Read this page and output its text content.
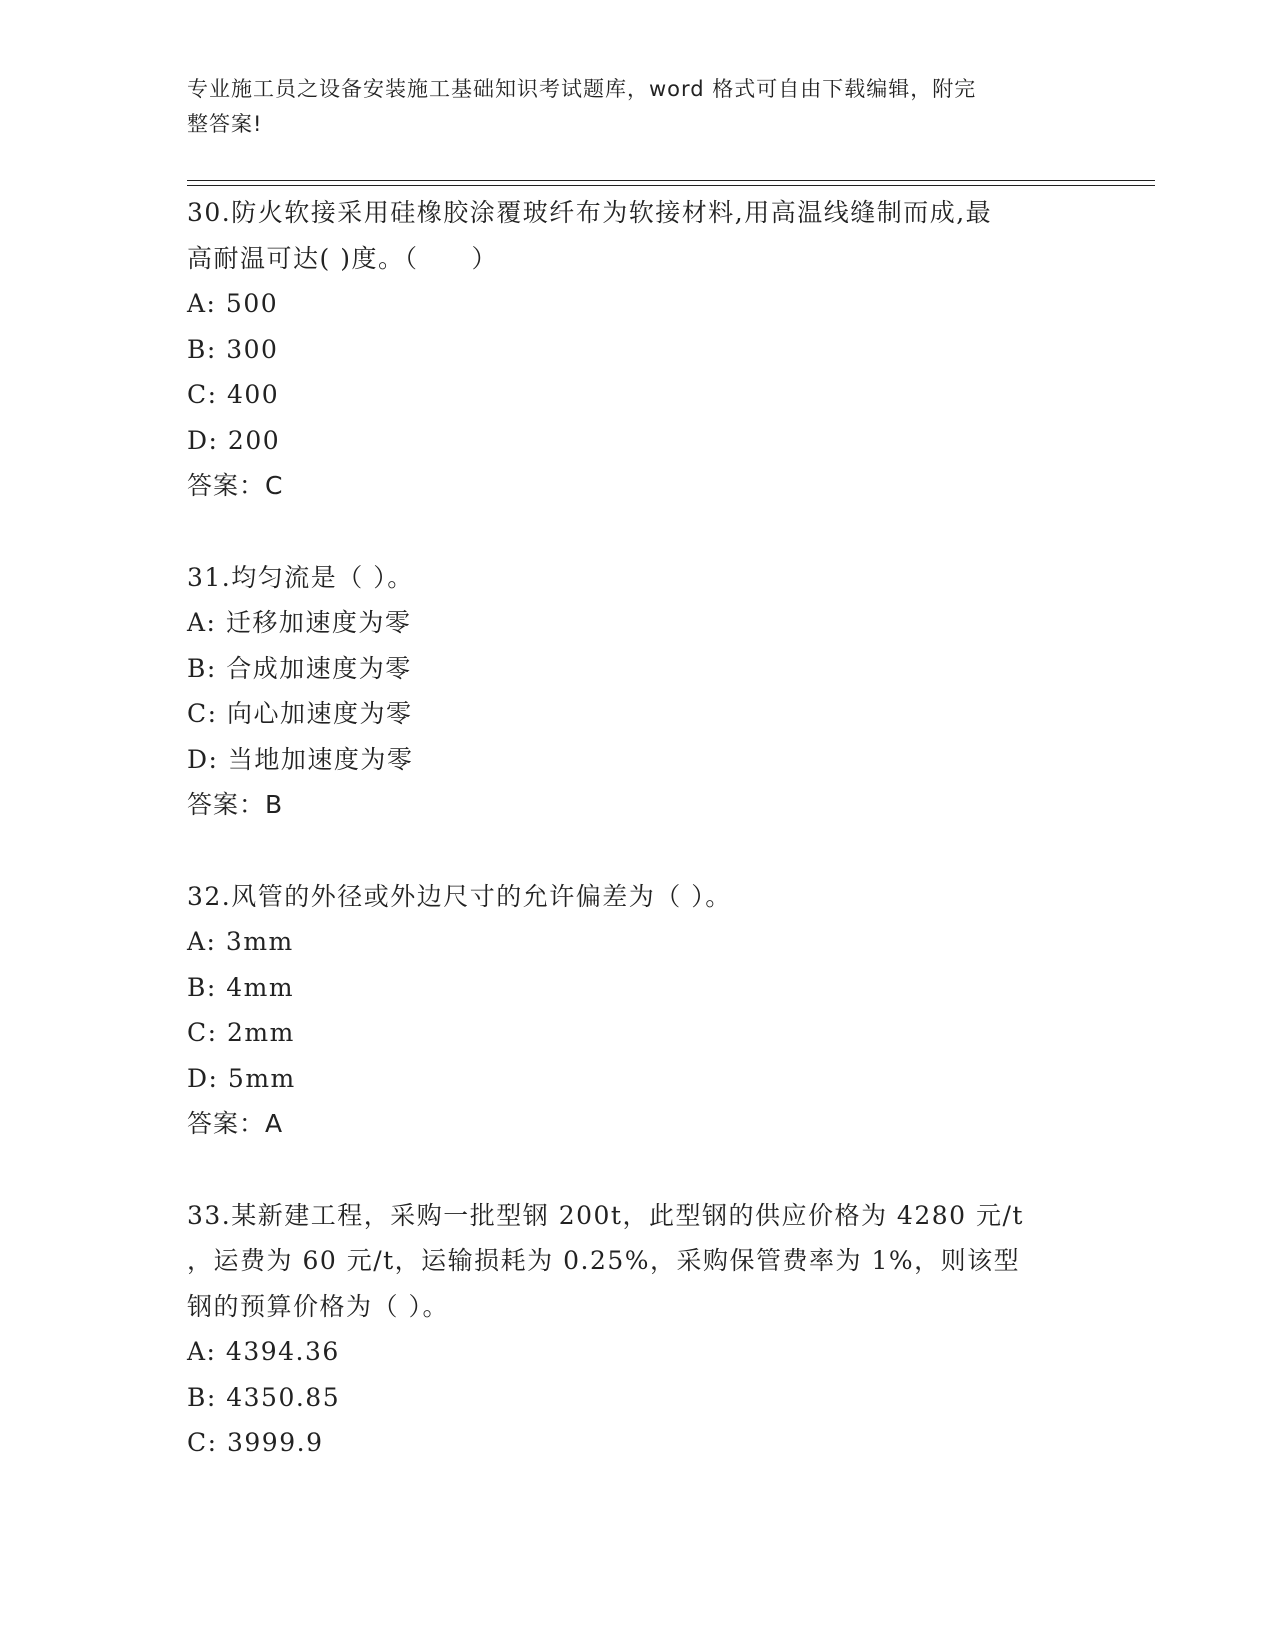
专业施工员之设备安装施工基础知识考试题库，word 格式可自由下载编辑，附完
整答案!

30.防火软接采用硅橡胶涂覆玻纤布为软接材料,用高温线缝制而成,最

高耐温可达( )度。（　　）

A: 500

B: 300

C: 400

D: 200

答案：C

31.均匀流是（ ）。

A: 迁移加速度为零

B: 合成加速度为零

C: 向心加速度为零

D: 当地加速度为零

答案：B

32.风管的外径或外边尺寸的允许偏差为（ ）。

A: 3mm

B: 4mm

C: 2mm

D: 5mm

答案：A

33.某新建工程，采购一批型钢 200t，此型钢的供应价格为 4280 元/t

，运费为 60 元/t，运输损耗为 0.25%，采购保管费率为 1%，则该型

钢的预算价格为（ ）。

A: 4394.36

B: 4350.85

C: 3999.9
